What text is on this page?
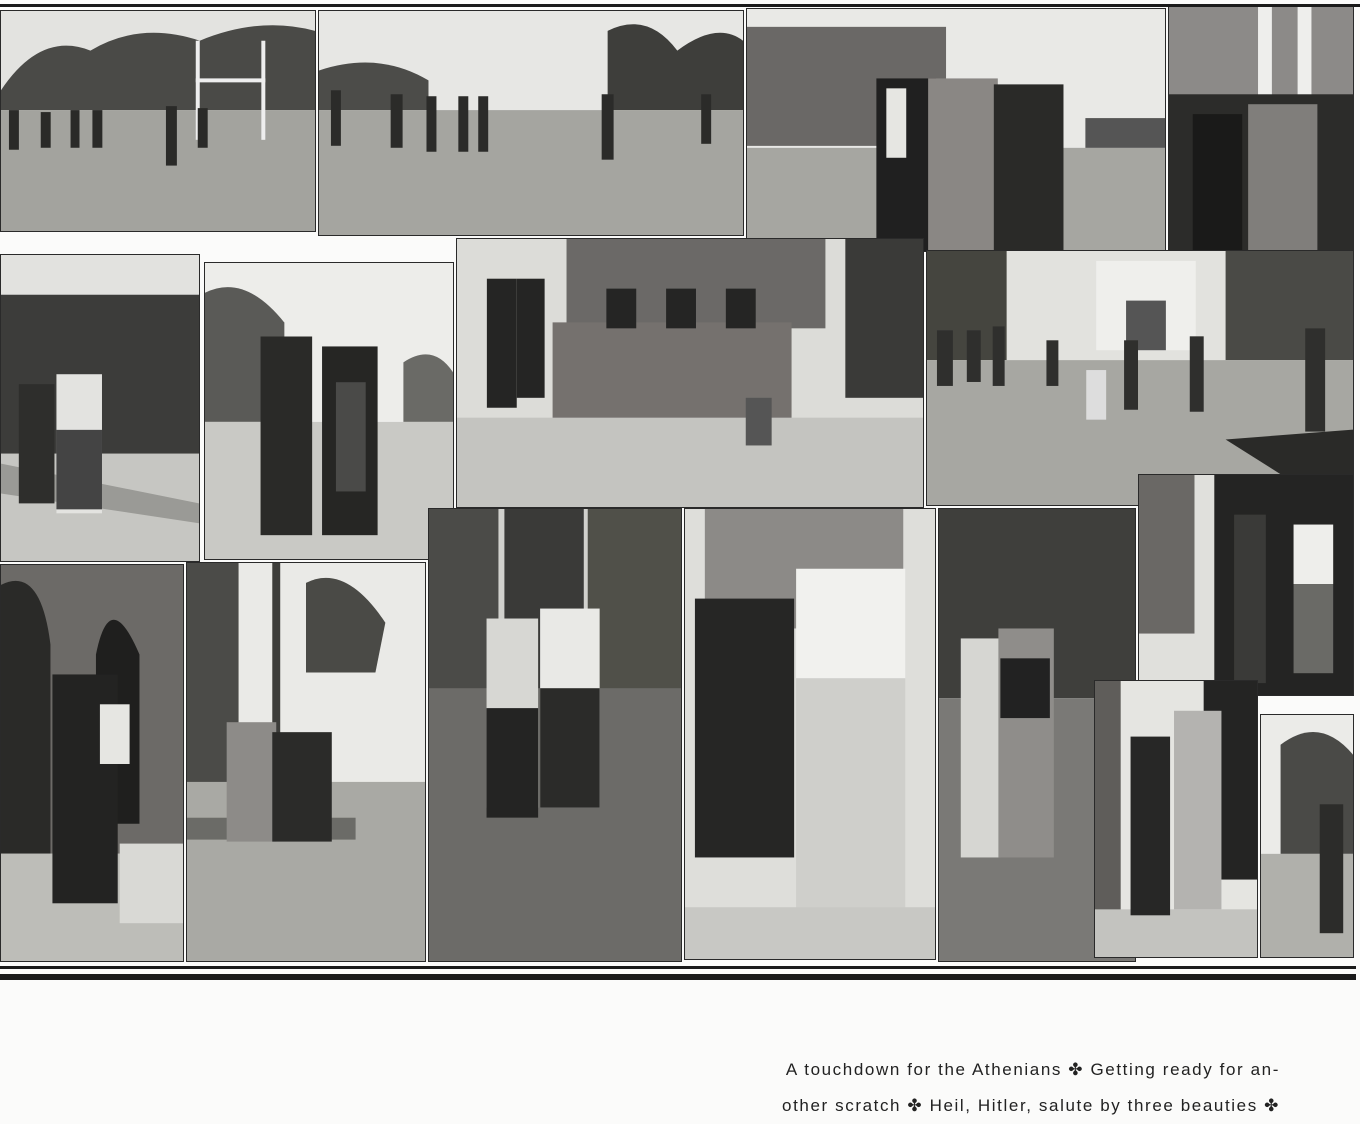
A touchdown for the Athenians ✤ Getting ready for an-
other scratch ✤ Heil, Hitler, salute by three beauties ✤
